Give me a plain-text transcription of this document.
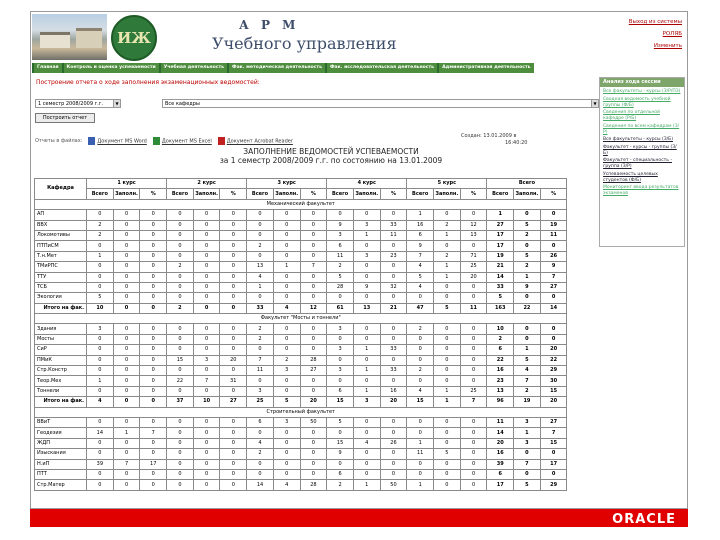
ИЖ
А Р М
Учебного управления
Выход из системы
РОЛЯБ
Изменить
Главная	Контроль и оценка успеваемости	Учебная деятельность	Фак. методическая деятельность	Фак. исследовательская деятельность	Административная деятельность
Построение отчета о ходе заполнения экзаменационных ведомостей:
1 семестр 2008/2009 г.г.	▼	Все кафедры	▼
Построить отчет
Отчеты в файлах:	Документ MS Word	Документ MS Excel	Документ Acrobat Reader
Создан: 13.01.2009 в
16:40:20
ЗАПОЛНЕНИЕ ВЕДОМОСТЕЙ УСПЕВАЕМОСТИ
за 1 семестр 2008/2009 г.г. по состоянию на 13.01.2009
Кафедра	1 курс			2 курс			3 курс			4 курс			5 курс			Всего		
	Всего	Заполн.	%	Всего	Заполн.	%	Всего	Заполн.	%	Всего	Заполн.	%	Всего	Заполн.	%	Всего	Заполн.	%
Механический факультет																		
АП	0	0	0	0	0	0	0	0	0	0	0	0	1	0	0	1	0	0
ВВХ	2	0	0	0	0	0	0	0	0	9	3	33	16	2	12	27	5	19
Локомотивы	2	0	0	0	0	0	0	0	0	3	1	11	6	1	13	17	2	11
ПТПиСМ	0	0	0	0	0	0	2	0	0	6	0	0	9	0	0	17	0	0
Т.н.Мет	1	0	0	0	0	0	0	0	0	11	3	23	7	2	71	19	5	26
ТМиРПС	0	0	0	2	0	0	13	1	7	2	0	0	4	1	25	21	2	9
ТТУ	0	0	0	0	0	0	4	0	0	5	0	0	5	1	20	14	1	7
ТСБ	0	0	0	0	0	0	1	0	0	28	9	32	4	0	0	33	9	27
Экология	5	0	0	0	0	0	0	0	0	0	0	0	0	0	0	5	0	0
Итого на фак.	10	0	0	2	0	0	33	4	12	61	13	21	47	5	11	163	22	14
Факультет "Мосты и тоннели"																		
Здания	3	0	0	0	0	0	2	0	0	3	0	0	2	0	0	10	0	0
Мосты	0	0	0	0	0	0	2	0	0	0	0	0	0	0	0	2	0	0
СиР	0	0	0	0	0	0	0	0	0	3	1	33	0	0	0	6	1	20
ПМиК	0	0	0	15	3	20	7	2	28	0	0	0	0	0	0	22	5	22
Стр.Констр	0	0	0	0	0	0	11	3	27	3	1	33	2	0	0	16	4	29
Теор.Мех	1	0	0	22	7	31	0	0	0	0	0	0	0	0	0	23	7	30
Тоннели	0	0	0	0	0	0	3	0	0	6	1	16	4	1	25	13	2	15
Итого на фак.	4	0	0	37	10	27	25	5	20	15	3	20	15	1	7	96	19	20
Строительный факультет																		
ВВиТ	0	0	0	0	0	0	6	3	50	5	0	0	0	0	0	11	3	27
Геодезия	14	1	7	0	0	0	0	0	0	0	0	0	0	0	0	14	1	7
ЖДП	0	0	0	0	0	0	4	0	0	15	4	26	1	0	0	20	3	15
Изыскания	0	0	0	0	0	0	2	0	0	9	0	0	11	5	0	16	0	0
Н.иП	39	7	17	0	0	0	0	0	0	0	0	0	0	0	0	39	7	17
ПТТ	0	0	0	0	0	0	0	0	0	6	0	0	0	0	0	6	0	0
Стр.Матер	0	0	0	0	0	0	14	4	28	2	1	50	1	0	0	17	5	29
Анализ хода сессии
Все факультеты - курсы (З/Р/ПЗ)
Сводная ведомость учебной группы (Ф/Б)
Сведения по отдельной кафедре (Р/Б)
Сведения по всем кафедрам (З/Р)
Все факультеты - курсы (З/Б)
Факультет - курсы - группы (З/Б)
Факультет - специальность - группа (З/Р)
Успеваемость целевых студентов (Ф/Б)
Мониторинг ввода результатов экзаменов
ORACLE
